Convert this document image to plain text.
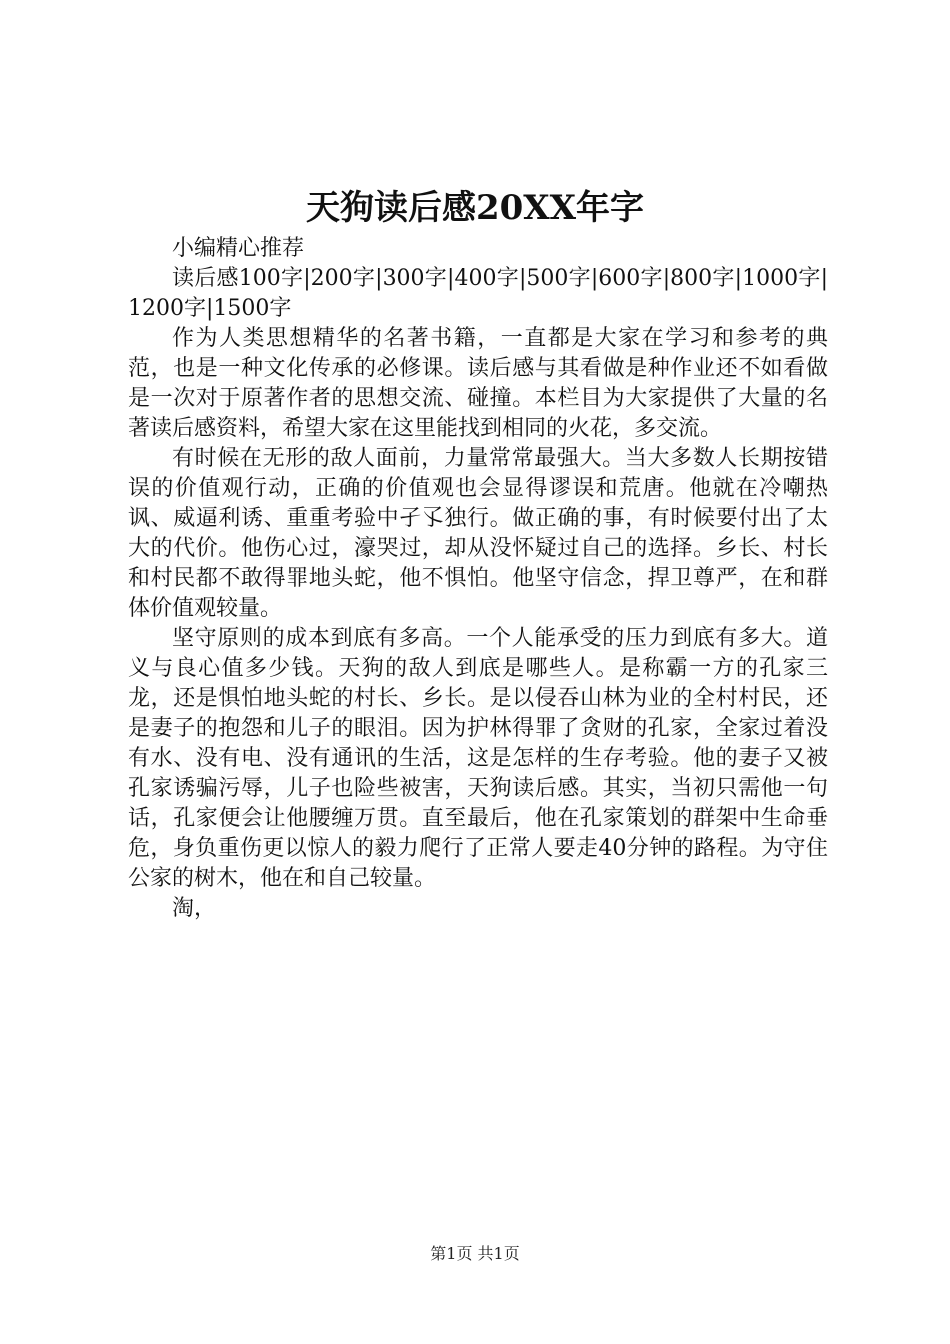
天狗读后感20XX年字

小编精心推荐

读后感100字|200字|300字|400字|500字|600字|800字|1000字|1200字|1500字

作为人类思想精华的名著书籍，一直都是大家在学习和参考的典范，也是一种文化传承的必修课。读后感与其看做是种作业还不如看做是一次对于原著作者的思想交流、碰撞。本栏目为大家提供了大量的名著读后感资料，希望大家在这里能找到相同的火花，多交流。

有时候在无形的敌人面前，力量常常最强大。当大多数人长期按错误的价值观行动，正确的价值观也会显得谬误和荒唐。他就在冷嘲热讽、威逼利诱、重重考验中孑孓独行。做正确的事，有时候要付出了太大的代价。他伤心过，濠哭过，却从没怀疑过自己的选择。乡长、村长和村民都不敢得罪地头蛇，他不惧怕。他坚守信念，捍卫尊严，在和群体价值观较量。

坚守原则的成本到底有多高。一个人能承受的压力到底有多大。道义与良心值多少钱。天狗的敌人到底是哪些人。是称霸一方的孔家三龙，还是惧怕地头蛇的村长、乡长。是以侵吞山林为业的全村村民，还是妻子的抱怨和儿子的眼泪。因为护林得罪了贪财的孔家，全家过着没有水、没有电、没有通讯的生活，这是怎样的生存考验。他的妻子又被孔家诱骗污辱，儿子也险些被害，天狗读后感。其实，当初只需他一句话，孔家便会让他腰缠万贯。直至最后，他在孔家策划的群架中生命垂危，身负重伤更以惊人的毅力爬行了正常人要走40分钟的路程。为守住公家的树木，他在和自己较量。

淘，

第1页 共1页
